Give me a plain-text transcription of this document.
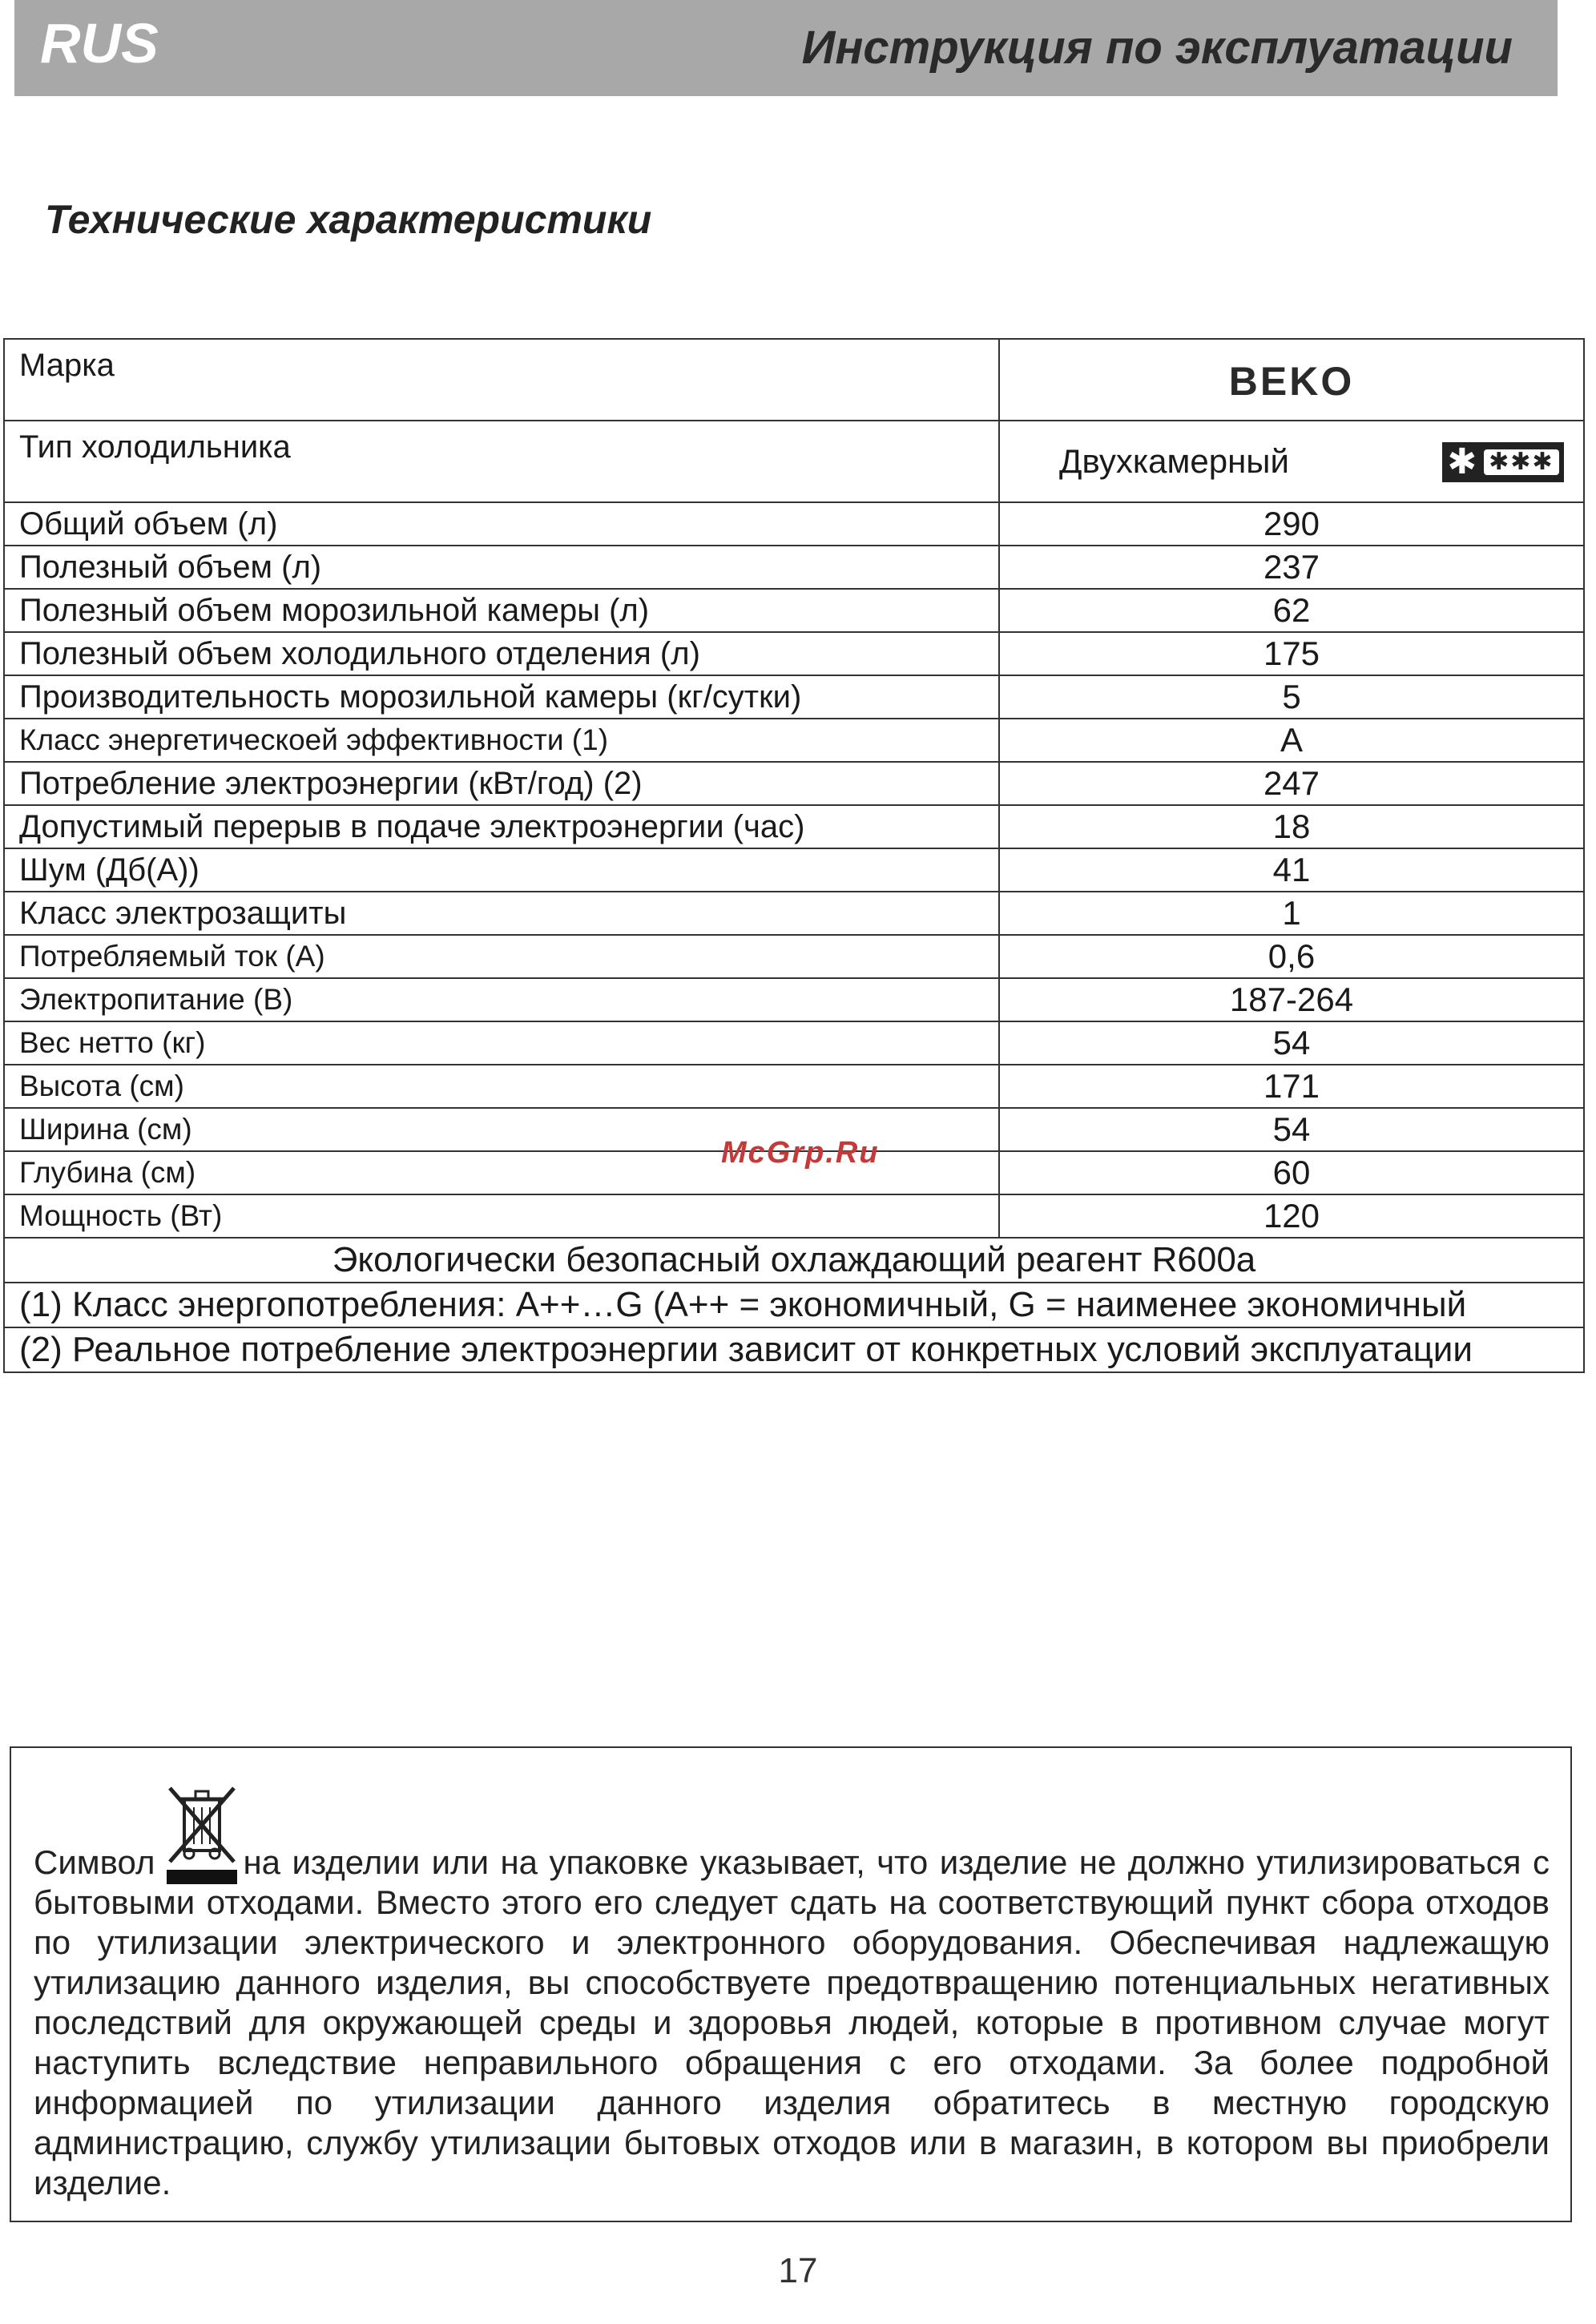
RUS	Инструкция по эксплуатации
Технические характеристики
Марка	BEKO

Тип холодильника	Двухкамерный ✱ ✱✱✱

Общий объем (л)	290
Полезный объем (л)	237
Полезный объем морозильной камеры (л)	62
Полезный объем холодильного отделения (л)	175
Производительность морозильной камеры (кг/сутки)	5
Класс энергетическоей эффективности (1)	A
Потребление электроэнергии (кВт/год) (2)	247
Допустимый перерыв в подаче электроэнергии (час)	18
Шум (Дб(А))	41
Класс электрозащиты	1
Потребляемый ток (А)	0,6
Электропитание (В)	187-264
Вес нетто (кг)	54
Высота (см)	171
Ширина (см)	54
Глубина (см)	60
Мощность (Вт)	120
Экологически безопасный охлаждающий реагент R600a	
(1) Класс энергопотребления: A++…G (A++ = экономичный, G = наименее экономичный	
(2) Реальное потребление электроэнергии зависит от конкретных условий эксплуатации	
McGrp.Ru
Символ	на изделии или на упаковке указывает, что изделие не должно утилизироваться с бытовыми отходами. Вместо этого его следует сдать на соответствующий пункт сбора отходов по утилизации электрического и электронного оборудования. Обеспечивая надлежащую утилизацию данного изделия, вы способствуете предотвращению потенциальных негативных последствий для окружающей среды и здоровья людей, которые в противном случае могут наступить вследствие неправильного обращения с его отходами. За более подробной информацией по утилизации данного изделия обратитесь в местную городскую администрацию, службу утилизации бытовых отходов или в магазин, в котором вы приобрели изделие.
17
